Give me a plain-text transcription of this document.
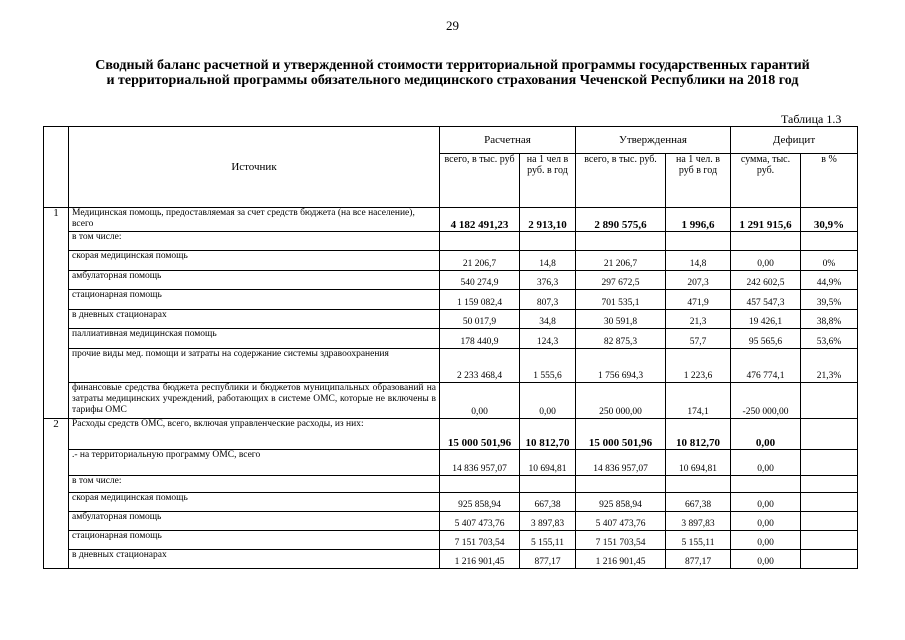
29
Сводный баланс расчетной и утвержденной стоимости территориальной программы государственных гарантий
и территориальной программы обязательного медицинского страхования Чеченской Республики на 2018 год
Таблица 1.3
	Источник	Расчетная		Утвержденная		Дефицит	
		всего, в тыс. руб	на 1 чел в руб. в год	всего, в тыс. руб.	на 1 чел. в руб в год	сумма, тыс. руб.	в %
1	Медицинская помощь, предоставляемая за счет средств бюджета (на все население), всего	4 182 491,23	2 913,10	2 890 575,6	1 996,6	1 291 915,6	30,9%
	в том числе:						
	скорая медицинская помощь	21 206,7	14,8	21 206,7	14,8	0,00	0%
	амбулаторная помощь	540 274,9	376,3	297 672,5	207,3	242 602,5	44,9%
	стационарная помощь	1 159 082,4	807,3	701 535,1	471,9	457 547,3	39,5%
	в дневных стационарах	50 017,9	34,8	30 591,8	21,3	19 426,1	38,8%
	паллиативная медицинская помощь	178 440,9	124,3	82 875,3	57,7	95 565,6	53,6%
	прочие виды мед. помощи и затраты на содержание системы здравоохранения	2 233 468,4	1 555,6	1 756 694,3	1 223,6	476 774,1	21,3%
	финансовые средства бюджета республики и бюджетов муниципальных образований на затраты медицинских учреждений, работающих в системе ОМС, которые не включены в тарифы ОМС	0,00	0,00	250 000,00	174,1	-250 000,00	
2	Расходы средств ОМС, всего, включая управленческие расходы, из них:	15 000 501,96	10 812,70	15 000 501,96	10 812,70	0,00	
	.- на территориальную программу ОМС, всего	14 836 957,07	10 694,81	14 836 957,07	10 694,81	0,00	
	в том числе:						
	скорая медицинская помощь	925 858,94	667,38	925 858,94	667,38	0,00	
	амбулаторная помощь	5 407 473,76	3 897,83	5 407 473,76	3 897,83	0,00	
	стационарная помощь	7 151 703,54	5 155,11	7 151 703,54	5 155,11	0,00	
	в дневных стационарах	1 216 901,45	877,17	1 216 901,45	877,17	0,00	
